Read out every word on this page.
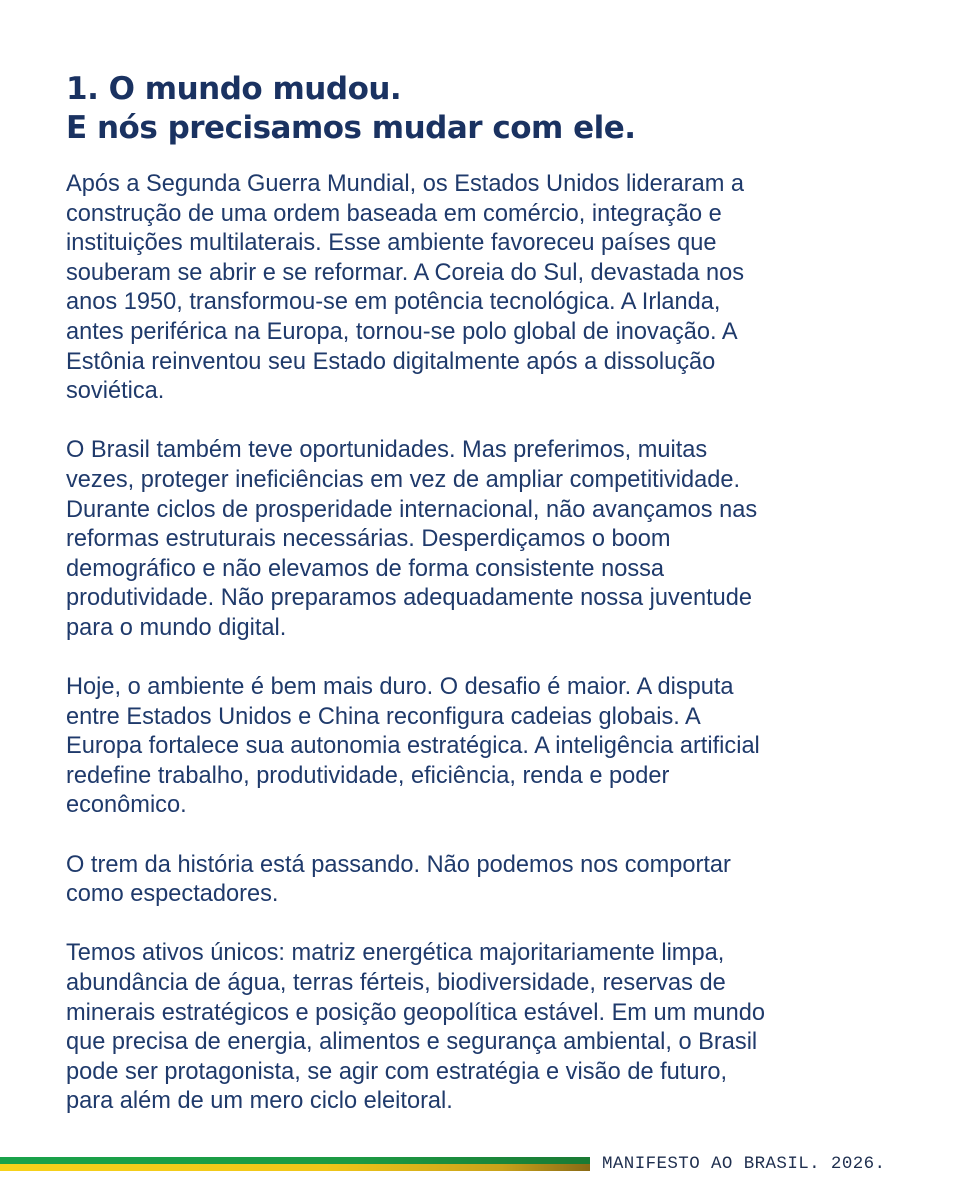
1. O mundo mudou.
E nós precisamos mudar com ele.

Após a Segunda Guerra Mundial, os Estados Unidos lideraram a
construção de uma ordem baseada em comércio, integração e
instituições multilaterais. Esse ambiente favoreceu países que
souberam se abrir e se reformar. A Coreia do Sul, devastada nos
anos 1950, transformou-se em potência tecnológica. A Irlanda,
antes periférica na Europa, tornou-se polo global de inovação. A
Estônia reinventou seu Estado digitalmente após a dissolução
soviética.

O Brasil também teve oportunidades. Mas preferimos, muitas
vezes, proteger ineficiências em vez de ampliar competitividade.
Durante ciclos de prosperidade internacional, não avançamos nas
reformas estruturais necessárias. Desperdiçamos o boom
demográfico e não elevamos de forma consistente nossa
produtividade. Não preparamos adequadamente nossa juventude
para o mundo digital.

Hoje, o ambiente é bem mais duro. O desafio é maior. A disputa
entre Estados Unidos e China reconfigura cadeias globais. A
Europa fortalece sua autonomia estratégica. A inteligência artificial
redefine trabalho, produtividade, eficiência, renda e poder
econômico.

O trem da história está passando. Não podemos nos comportar
como espectadores.

Temos ativos únicos: matriz energética majoritariamente limpa,
abundância de água, terras férteis, biodiversidade, reservas de
minerais estratégicos e posição geopolítica estável. Em um mundo
que precisa de energia, alimentos e segurança ambiental, o Brasil
pode ser protagonista, se agir com estratégia e visão de futuro,
para além de um mero ciclo eleitoral.

MANIFESTO AO BRASIL. 2026.
